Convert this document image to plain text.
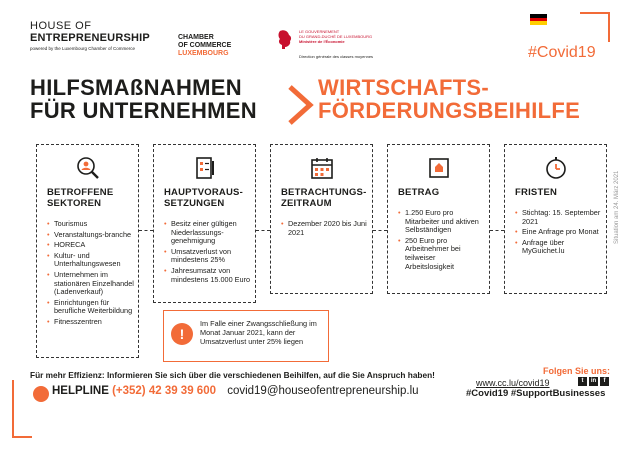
HOUSE OF
ENTREPRENEURSHIP
powered by the Luxembourg Chamber of Commerce
CHAMBER
OF COMMERCE
LUXEMBOURG
LE GOUVERNEMENT
DU GRAND-DUCHÉ DE LUXEMBOURG
Ministère de l'Économie
Direction générale des classes moyennes	#Covid19
HILFSMAßNAHMEN
FÜR UNTERNEHMEN
WIRTSCHAFTS-
FÖRDERUNGSBEIHILFE
BETROFFENE
SEKTOREN
• Tourismus
• Veranstaltungs-branche
• HORECA
• Kultur- und Unterhaltungswesen
• Unternehmen im stationären Einzelhandel (Ladenverkauf)
• Einrichtungen für berufliche Weiterbildung
• Fitnesszentren
HAUPTVORAUS-
SETZUNGEN
• Besitz einer gültigen Niederlassungs-genehmigung
• Umsatzverlust von mindestens 25%
• Jahresumsatz von mindestens 15.000 Euro
BETRACHTUNGS-
ZEITRAUM
• Dezember 2020 bis Juni 2021
BETRAG
• 1.250 Euro pro Mitarbeiter und aktiven Selbständigen
• 250 Euro pro Arbeitnehmer bei teilweiser Arbeitslosigkeit
FRISTEN
• Stichtag: 15. September 2021
• Eine Anfrage pro Monat
• Anfrage über MyGuichet.lu
!
Im Falle einer Zwangsschließung im Monat Januar 2021, kann der Umsatzverlust unter 25% liegen
Situation am 24. März 2021
Für mehr Effizienz: Informieren Sie sich über die verschiedenen Beihilfen, auf die Sie Anspruch haben!
HELPLINE (+352) 42 39 39 600 covid19@houseofentrepreneurship.lu
Folgen Sie uns:
www.cc.lu/covid19	t	in	f
#Covid19 #SupportBusinesses
